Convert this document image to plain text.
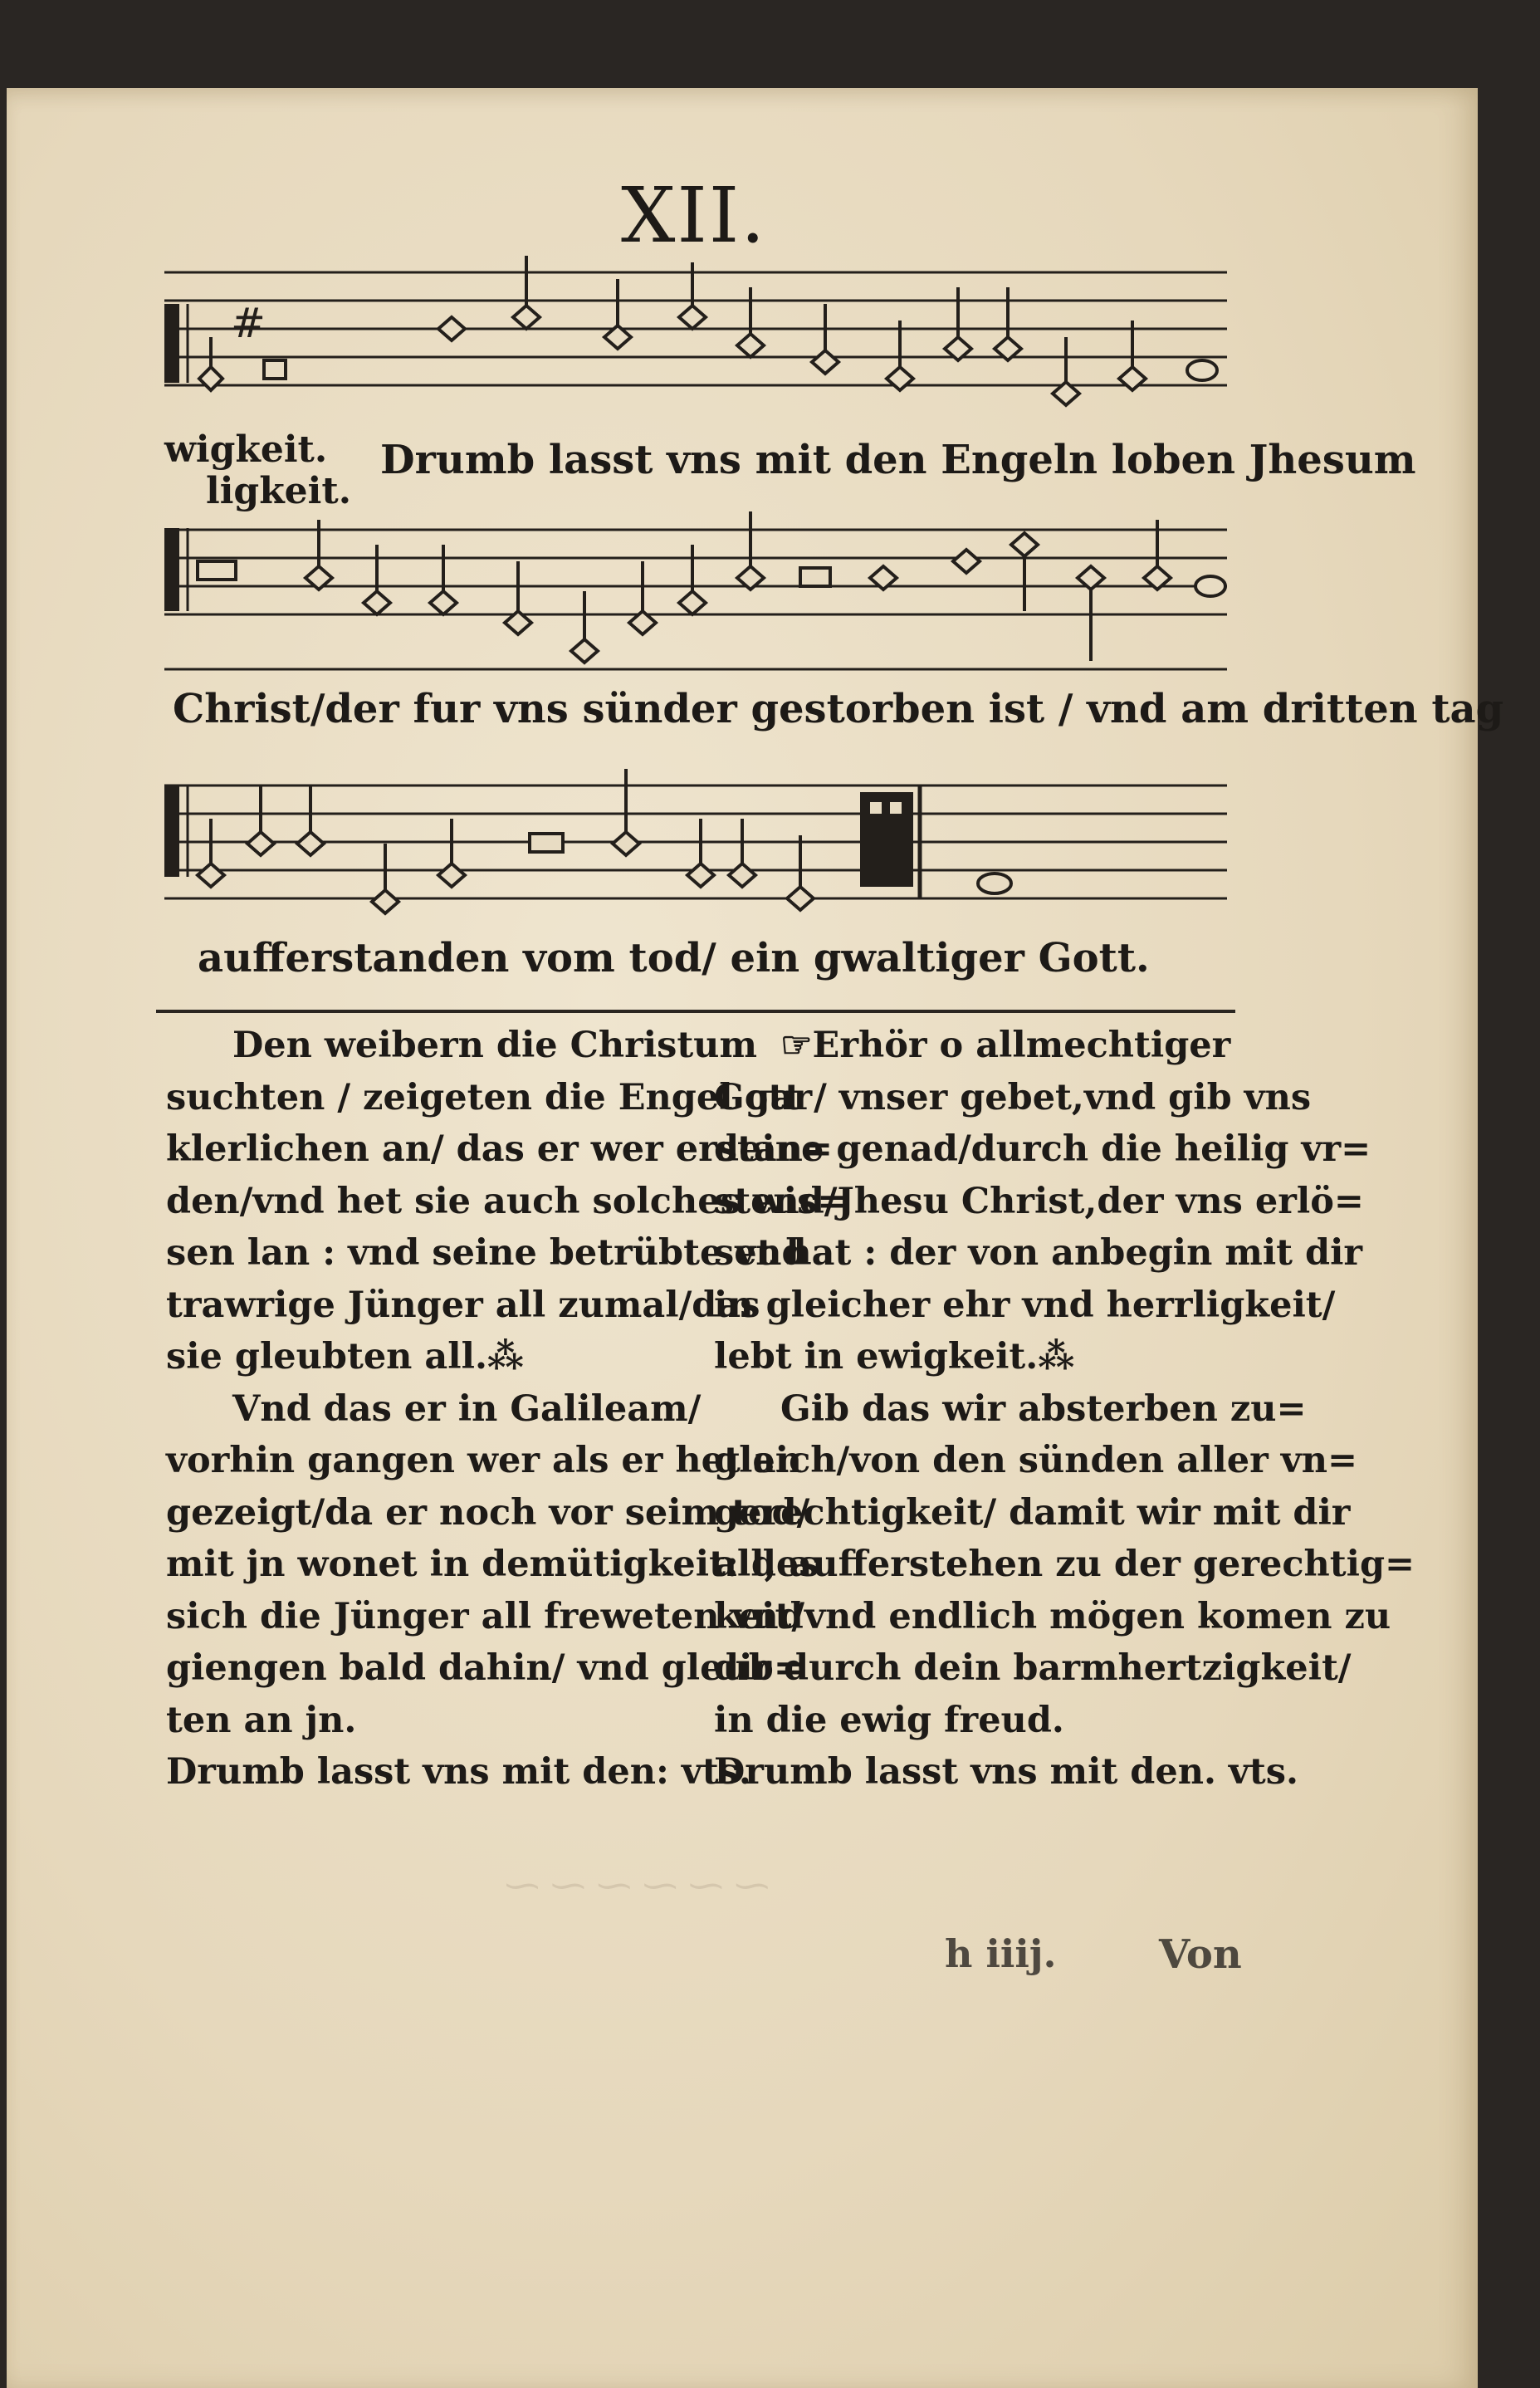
XII.
⁓ ⁓ ⁓ ⁓ ⁓ ⁓
#
wigkeit.
ligkeit.
Drumb lasst vns mit den Engeln loben Jhesum
Christ/der fur vns sünder gestorben ist / vnd am dritten tag
aufferstanden vom tod/ ein gwaltiger Gott.
Den weibern die Christum
suchten / zeigeten die Engel gar
klerlichen an/ das er wer erstan=
den/vnd het sie auch solches wis=
sen lan : vnd seine betrübte vnd
trawrige Jünger all zumal/das
sie gleubten all.⁂
Vnd das er in Galileam/
vorhin gangen wer als er het an
gezeigt/da er noch vor seim tod/
mit jn wonet in demütigkeit: des
sich die Jünger all freweten vnd
giengen bald dahin/ vnd gleub=
ten an jn.
Drumb lasst vns mit den: vts.
☞Erhör o allmechtiger
Gott / vnser gebet,vnd gib vns
deine genad/durch die heilig vr=
stend/Jhesu Christ,der vns erlö=
set hat : der von anbegin mit dir
in gleicher ehr vnd herrligkeit/
lebt in ewigkeit.⁂
Gib das wir absterben zu=
gleich/von den sünden aller vn=
gerechtigkeit/ damit wir mit dir
all, aufferstehen zu der gerechtig=
keit/vnd endlich mögen komen zu
dir durch dein barmhertzigkeit/
in die ewig freud.
Drumb lasst vns mit den. vts.
h iiij.	Von
